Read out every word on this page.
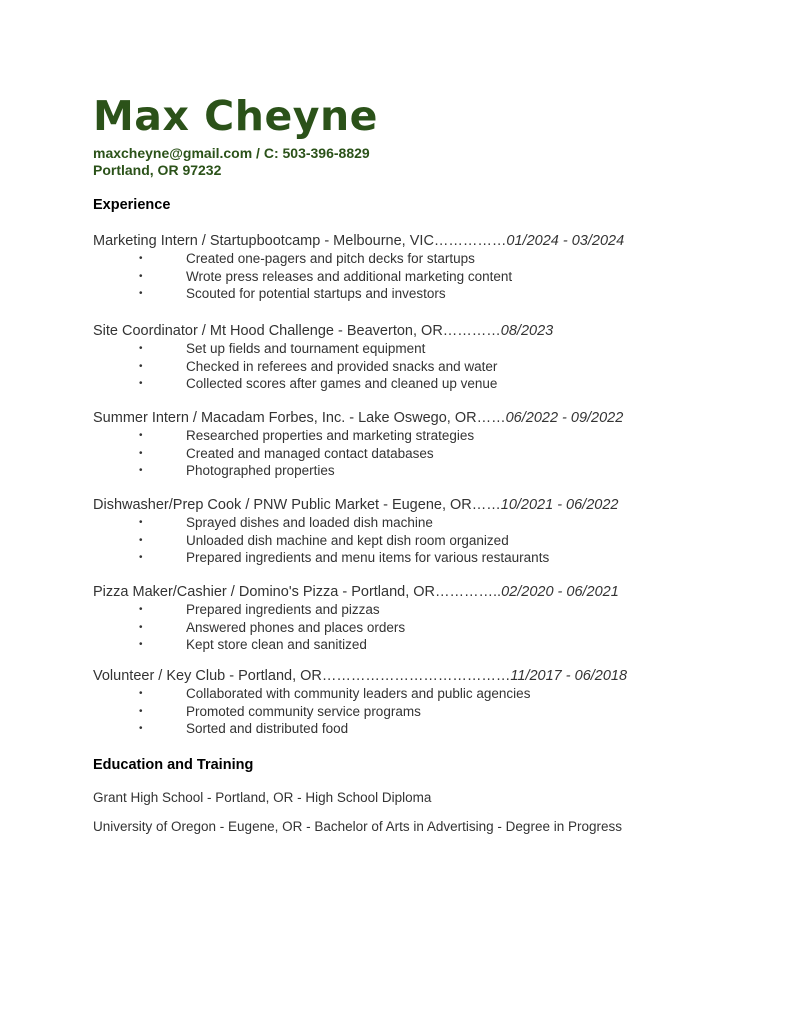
Max Cheyne
maxcheyne@gmail.com / C: 503-396-8829
Portland, OR 97232
Experience
Marketing Intern / Startupbootcamp - Melbourne, VIC……………01/2024 - 03/2024
•	Created one-pagers and pitch decks for startups
•	Wrote press releases and additional marketing content
•	Scouted for potential startups and investors
Site Coordinator / Mt Hood Challenge - Beaverton, OR…………08/2023
•	Set up fields and tournament equipment
•	Checked in referees and provided snacks and water
•	Collected scores after games and cleaned up venue
Summer Intern / Macadam Forbes, Inc. - Lake Oswego, OR……06/2022 - 09/2022
•	Researched properties and marketing strategies
•	Created and managed contact databases
•	Photographed properties
Dishwasher/Prep Cook / PNW Public Market - Eugene, OR……10/2021 - 06/2022
•	Sprayed dishes and loaded dish machine
•	Unloaded dish machine and kept dish room organized
•	Prepared ingredients and menu items for various restaurants
Pizza Maker/Cashier / Domino's Pizza - Portland, OR…………..02/2020 - 06/2021
•	Prepared ingredients and pizzas
•	Answered phones and places orders
•	Kept store clean and sanitized
Volunteer / Key Club - Portland, OR…………………………………11/2017 - 06/2018
•	Collaborated with community leaders and public agencies
•	Promoted community service programs
•	Sorted and distributed food
Education and Training
Grant High School - Portland, OR - High School Diploma
University of Oregon - Eugene, OR - Bachelor of Arts in Advertising - Degree in Progress
